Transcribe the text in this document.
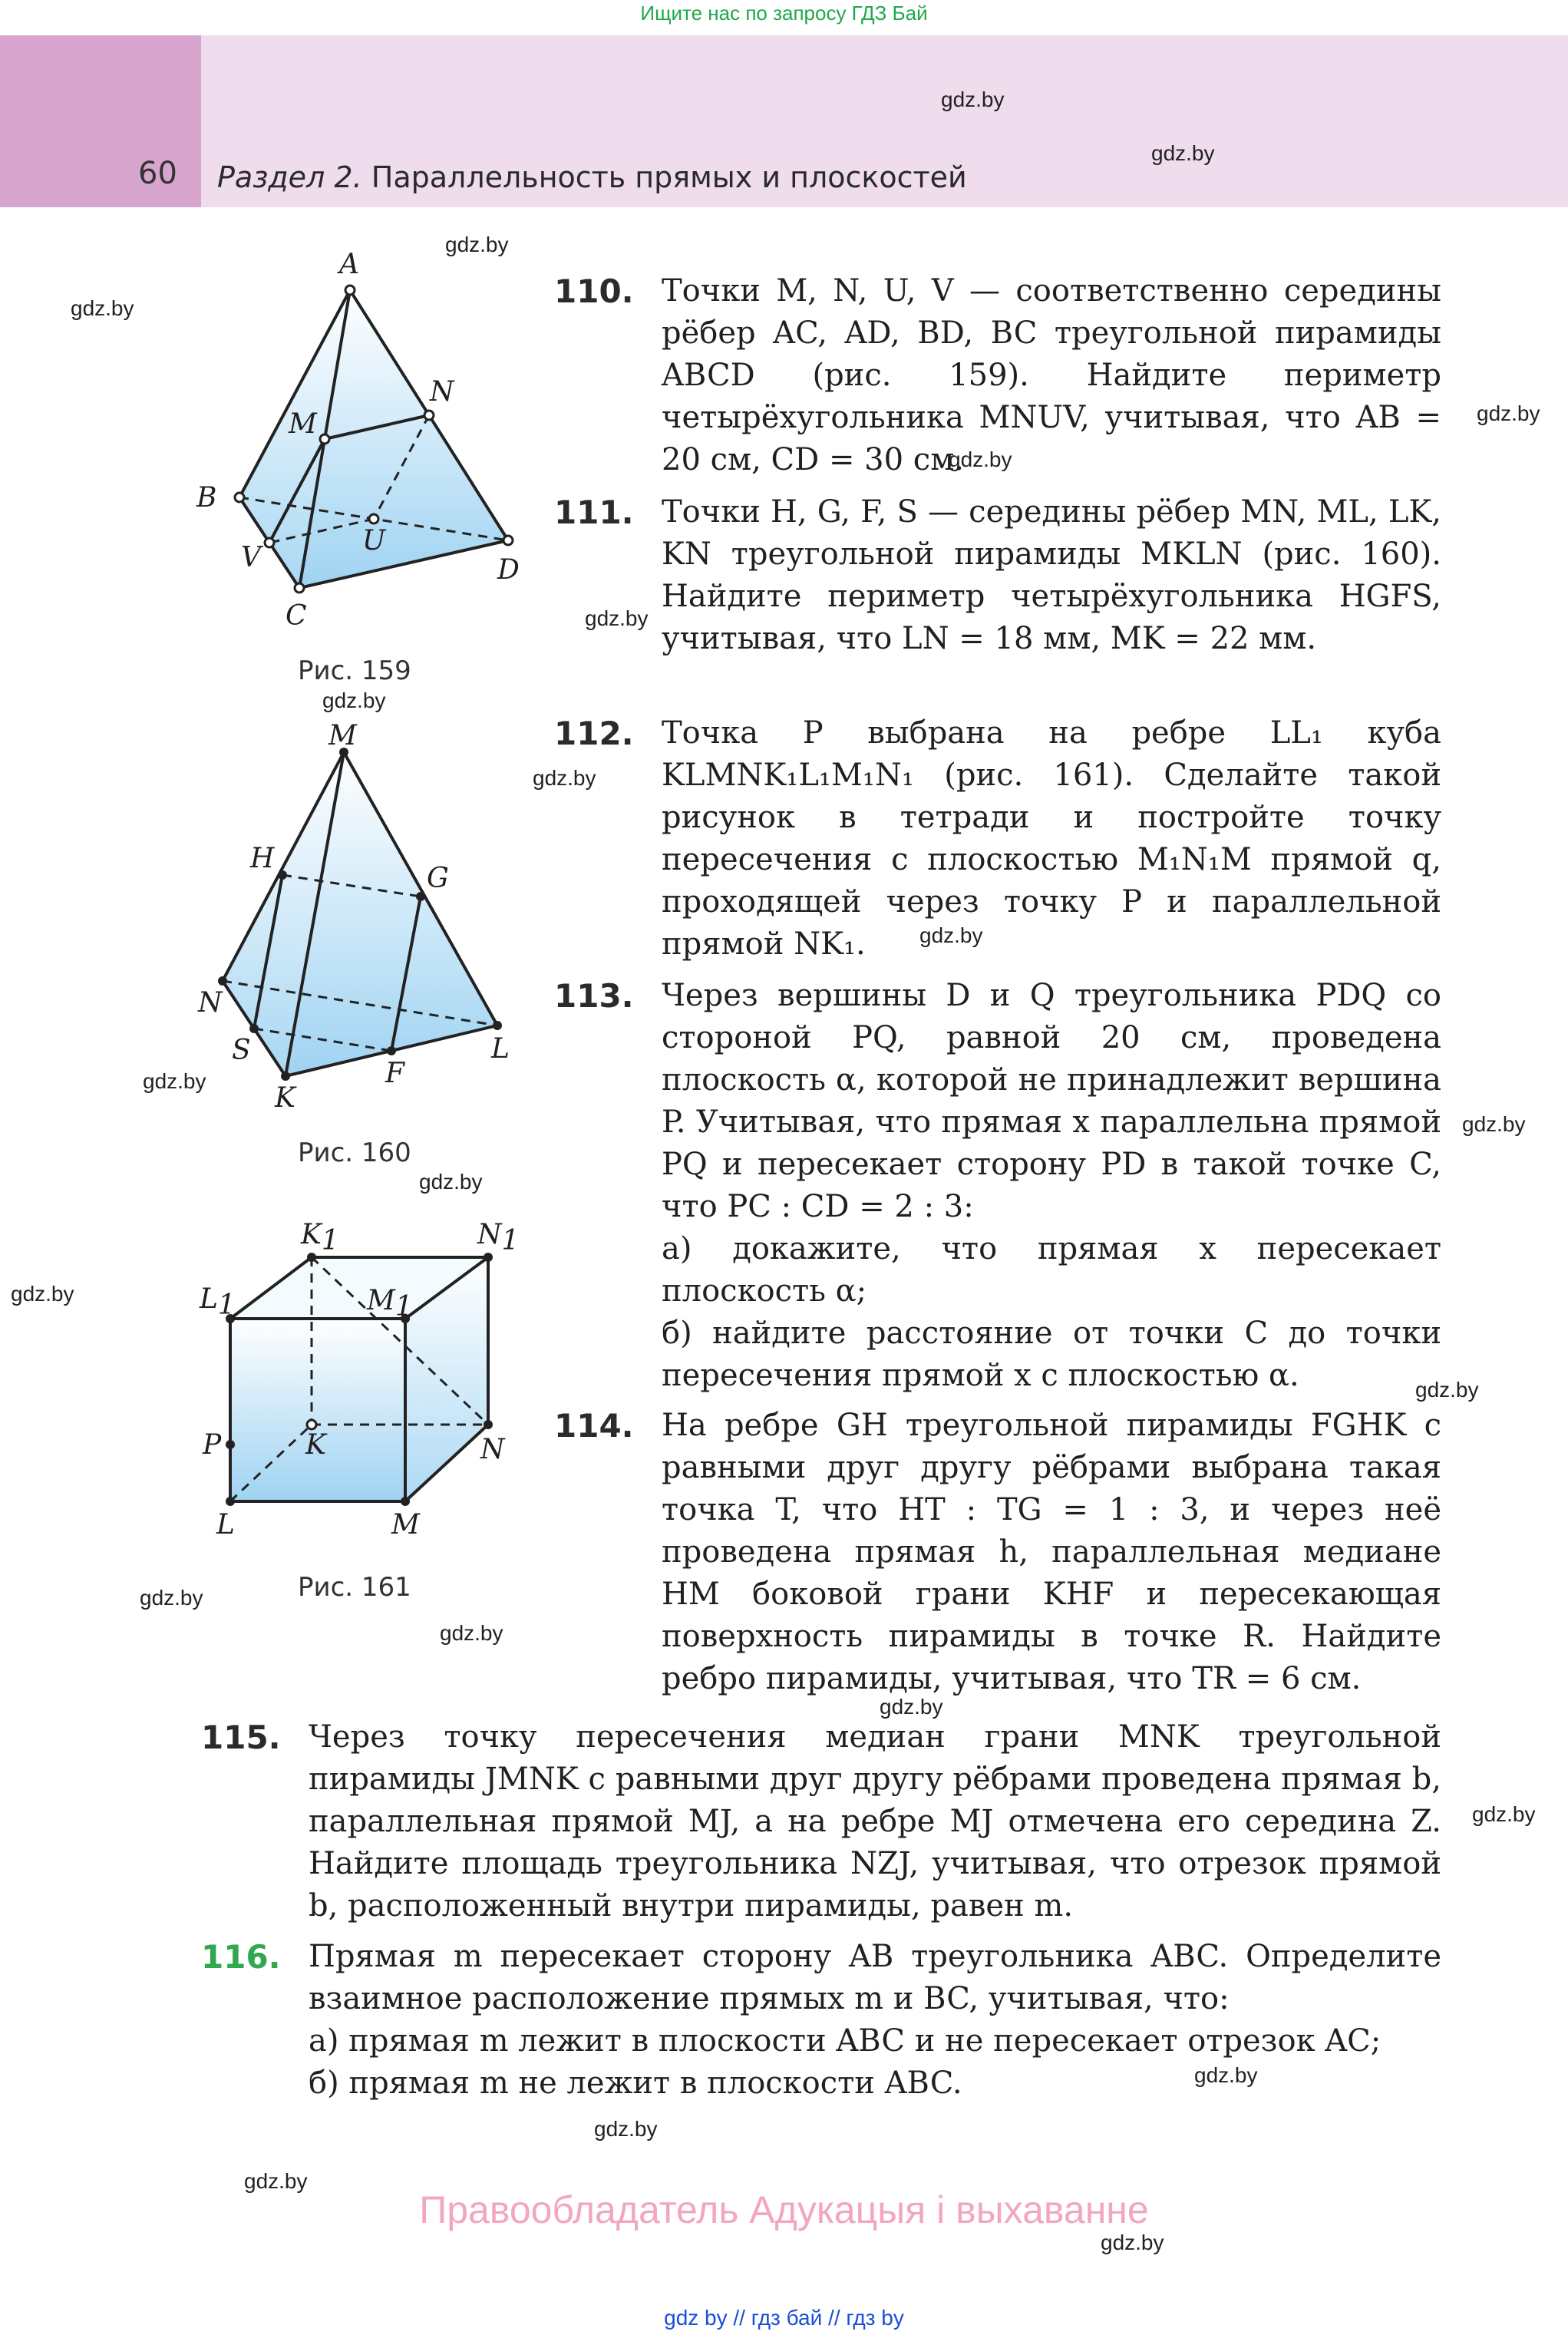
Ищите нас по запросу ГДЗ Бай
60 Раздел 2. Параллельность прямых и плоскостей
gdz.by
gdz.by
gdz.by
gdz.by
gdz.by
gdz.by
gdz.by
gdz.by
gdz.by
gdz.by
gdz.by
gdz.by
gdz.by
gdz.by
gdz.by
gdz.by
gdz.by
gdz.by
gdz.by
gdz.by
gdz.by
gdz.by
gdz.by
A
B
C
D
M
N
U
V
Рис. 159
M
H
G
N
S
K
F
L
Рис. 160
K1	N1
L1	M1
P	K	N
L	M
Рис. 161
110. Точки M, N, U, V — соответственно середины рёбер AC, AD, BD, BC треугольной пирамиды ABCD (рис. 159). Найдите периметр четырёхугольника MNUV, учитывая, что AB = 20 см, CD = 30 см.
111. Точки H, G, F, S — середины рёбер MN, ML, LK, KN треугольной пирамиды MKLN (рис. 160). Найдите периметр четырёхугольника HGFS, учитывая, что LN = 18 мм, MK = 22 мм.
112. Точка P выбрана на ребре LL₁ куба KLMNK₁L₁M₁N₁ (рис. 161). Сделайте такой рисунок в тетради и постройте точку пересечения с плоскостью M₁N₁M прямой q, проходящей через точку P и параллельной прямой NK₁.
113. Через вершины D и Q треугольника PDQ со стороной PQ, равной 20 см, проведена плоскость α, которой не принадлежит вершина P. Учитывая, что прямая x параллельна прямой PQ и пересекает сторону PD в такой точке C, что PC : CD = 2 : 3:
а) докажите, что прямая x пересекает плоскость α;
б) найдите расстояние от точки C до точки пересечения прямой x с плоскостью α.
114. На ребре GH треугольной пирамиды FGHK с равными друг другу рёбрами выбрана такая точка T, что HT : TG = 1 : 3, и через неё проведена прямая h, параллельная медиане HM боковой грани KHF и пересекающая поверхность пирамиды в точке R. Найдите ребро пирамиды, учитывая, что TR = 6 см.
115. Через точку пересечения медиан грани MNK треугольной пирамиды JMNK с равными друг другу рёбрами проведена прямая b, параллельная прямой MJ, а на ребре MJ отмечена его середина Z. Найдите площадь треугольника NZJ, учитывая, что отрезок прямой b, расположенный внутри пирамиды, равен m.
116. Прямая m пересекает сторону AB треугольника ABC. Определите взаимное расположение прямых m и BC, учитывая, что:
а) прямая m лежит в плоскости ABC и не пересекает отрезок AC;
б) прямая m не лежит в плоскости ABC.
Правообладатель Адукацыя і выхаванне
gdz by // гдз бай // гдз by
